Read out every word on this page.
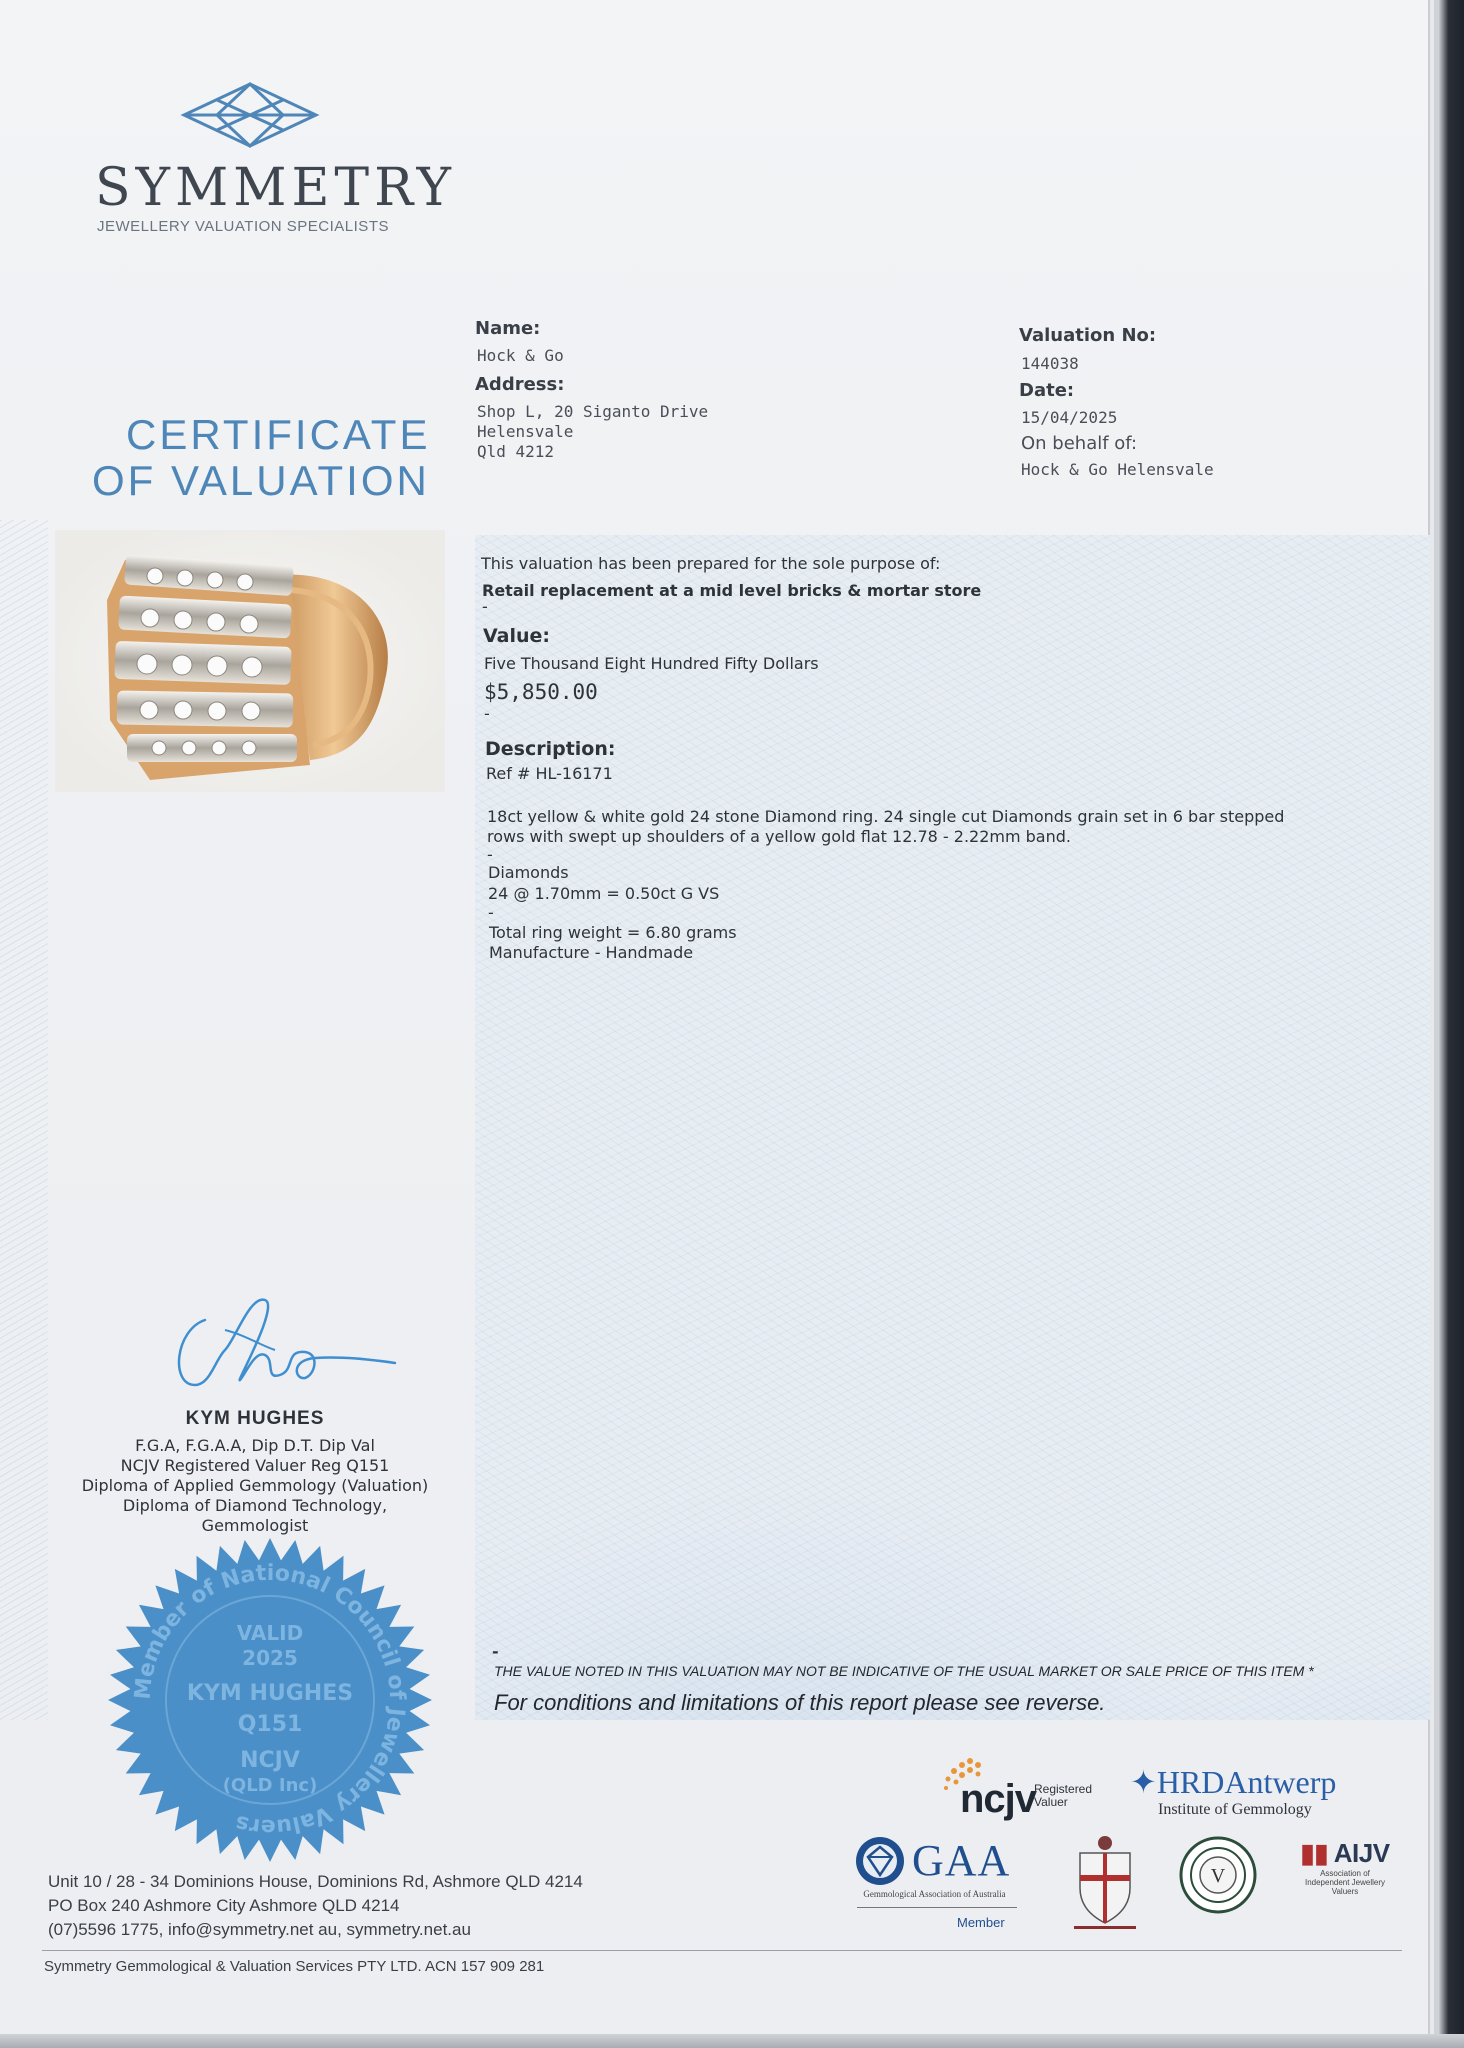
SYMMETRY
JEWELLERY VALUATION SPECIALISTS
CERTIFICATE
OF VALUATION
Name:
Hock & Go
Address:
Shop L, 20 Siganto Drive
Helensvale
Qld 4212
Valuation No:
144038
Date:
15/04/2025
On behalf of:
Hock & Go Helensvale
This valuation has been prepared for the sole purpose of:
Retail replacement at a mid level bricks & mortar store
-
Value:
Five Thousand Eight Hundred Fifty Dollars
$5,850.00
-
Description:
Ref # HL-16171
18ct yellow & white gold 24 stone Diamond ring. 24 single cut Diamonds grain set in 6 bar stepped
rows with swept up shoulders of a yellow gold flat 12.78 - 2.22mm band.
-
Diamonds
24 @ 1.70mm = 0.50ct G VS
-
Total ring weight = 6.80 grams
Manufacture - Handmade
-
THE VALUE NOTED IN THIS VALUATION MAY NOT BE INDICATIVE OF THE USUAL MARKET OR SALE PRICE OF THIS ITEM *
For conditions and limitations of this report please see reverse.
KYM HUGHES
F.G.A, F.G.A.A, Dip D.T. Dip Val
NCJV Registered Valuer Reg Q151
Diploma of Applied Gemmology (Valuation)
Diploma of Diamond Technology,
Gemmologist
Member of National Council of Jewellery Valuers
VALID
2025
KYM HUGHES
Q151
NCJV
(QLD Inc)	ncjv
Registered Valuer
✦HRDAntwerp
Institute of Gemmology
GAA
Gemmological Association of Australia
Member
V
▮▮ AIJV
Association of Independent Jewellery Valuers
Unit 10 / 28 - 34 Dominions House, Dominions Rd, Ashmore QLD 4214
PO Box 240 Ashmore City Ashmore QLD 4214
(07)5596 1775, info@symmetry.net au, symmetry.net.au
Symmetry Gemmological & Valuation Services PTY LTD. ACN 157 909 281
